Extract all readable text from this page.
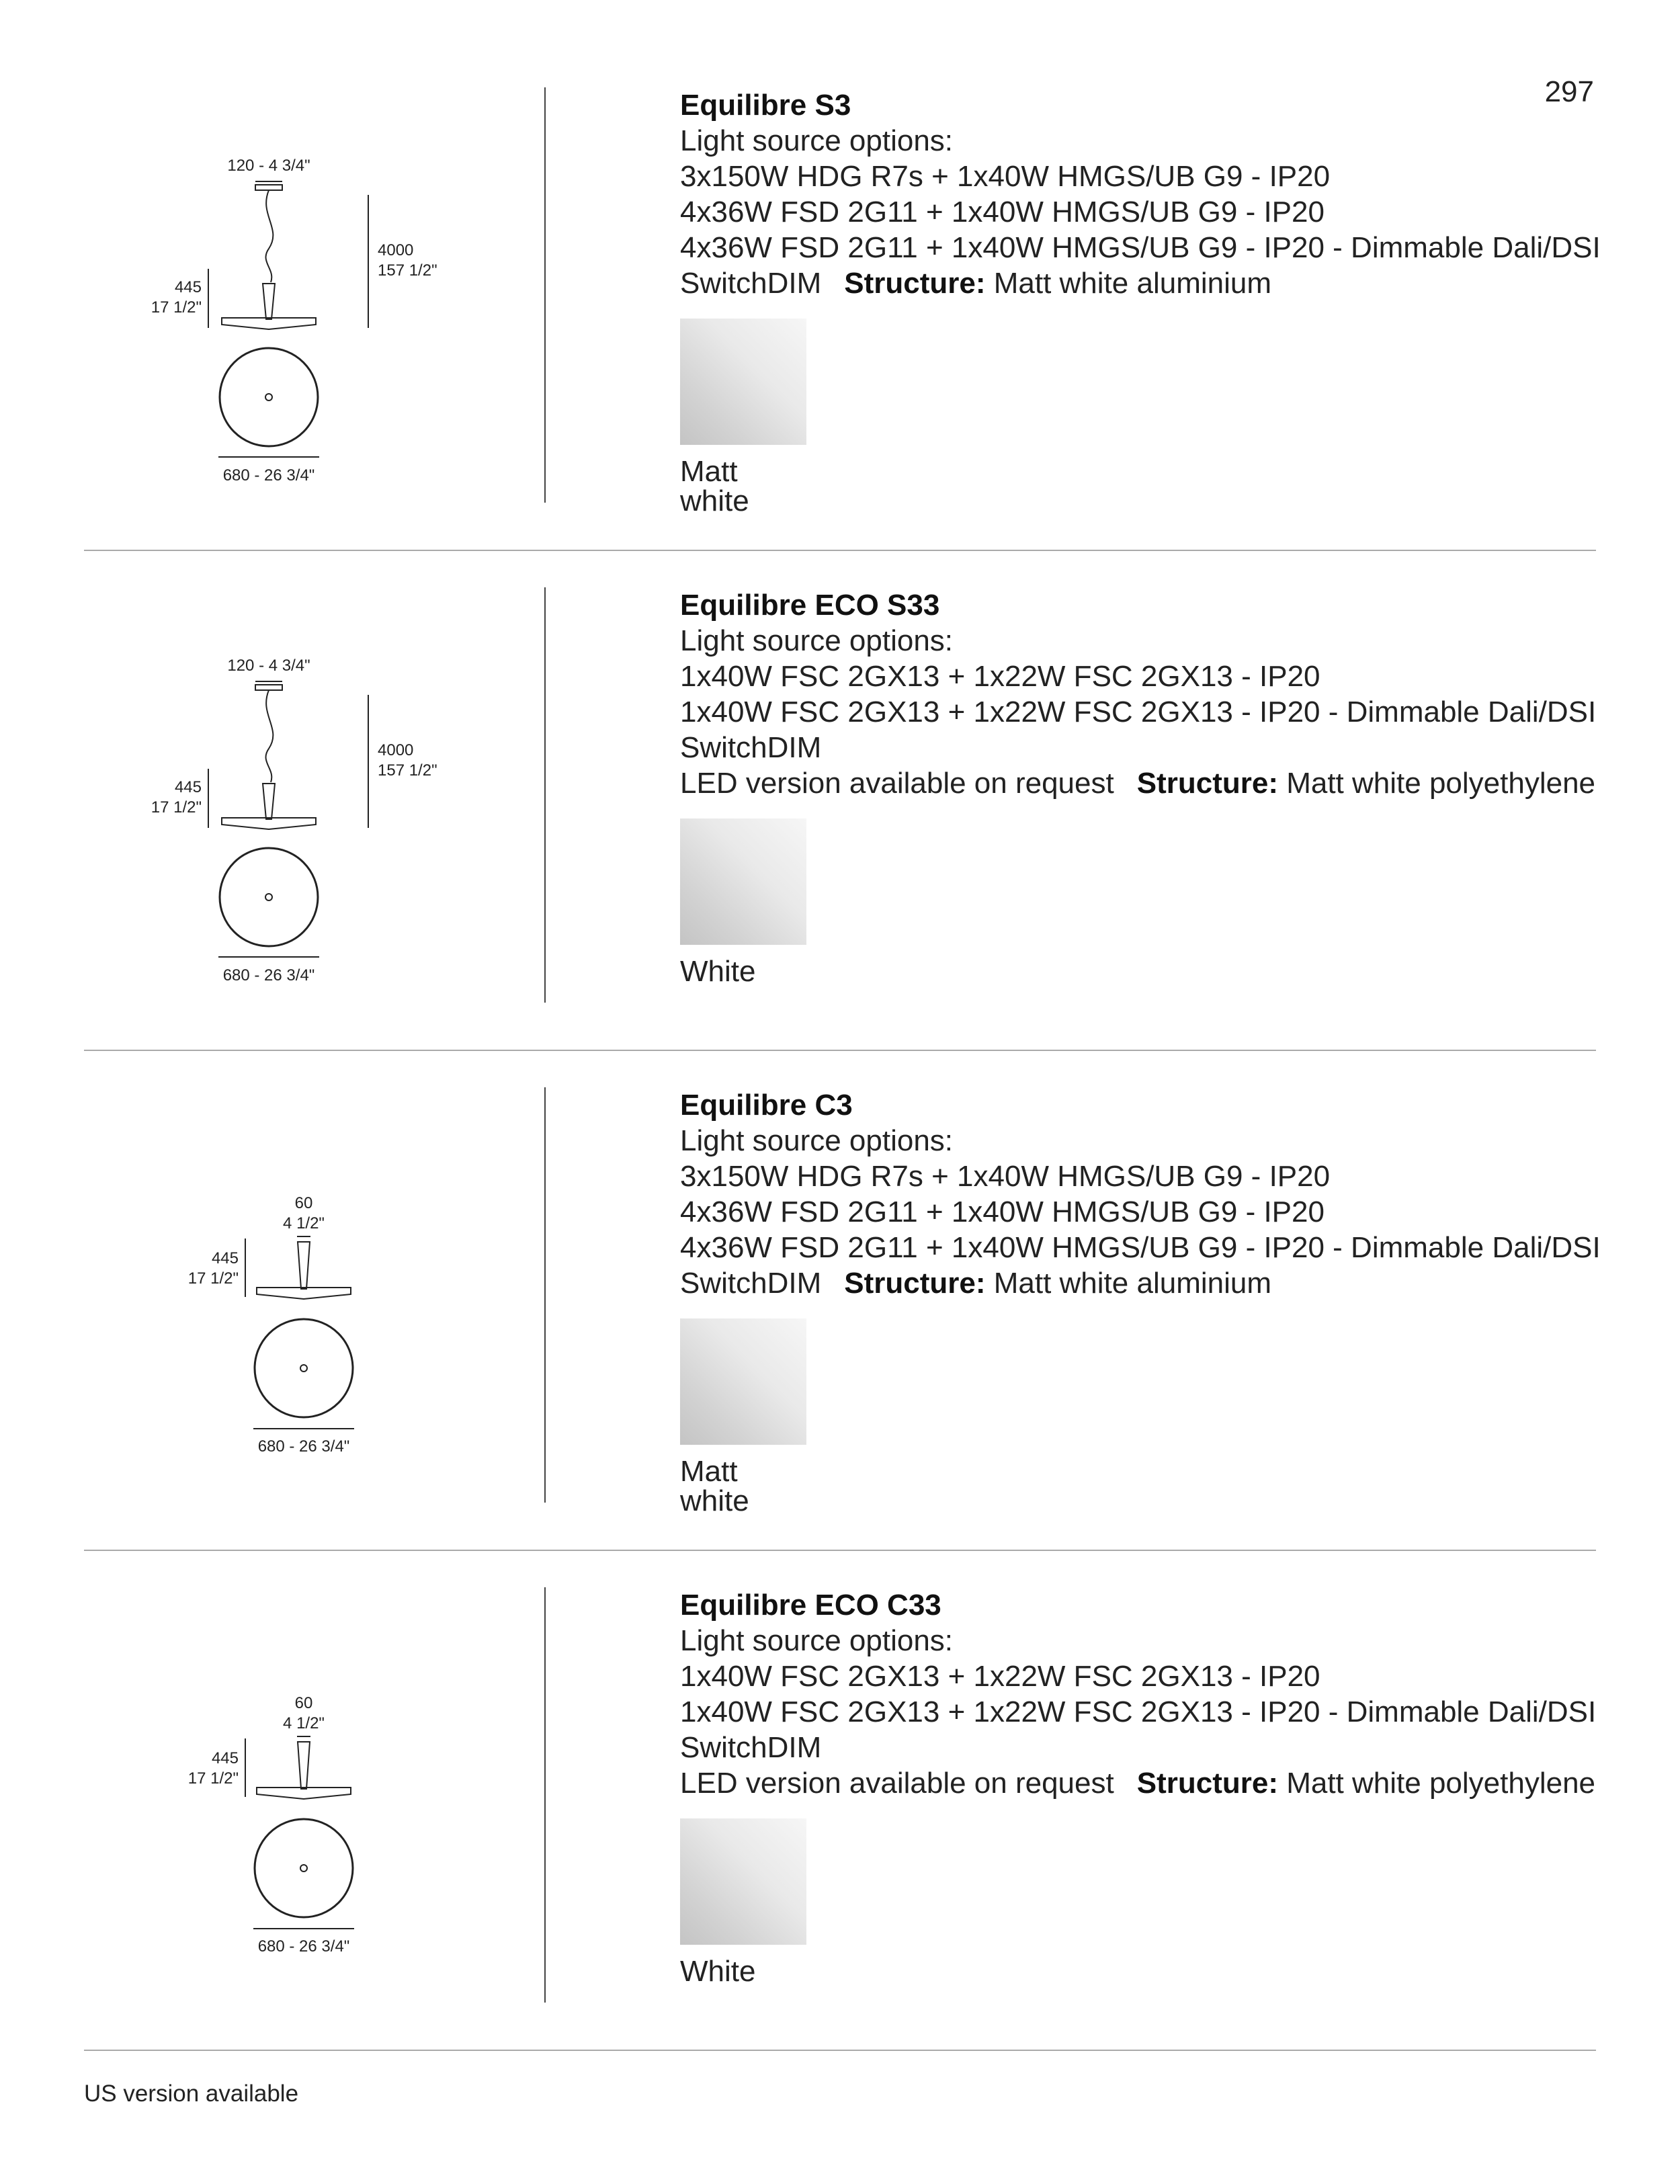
297
120 - 4 3/4"
4000
157 1/2"
445
17 1/2"
680 - 26 3/4"
Equilibre S3
Light source options:
3x150W HDG R7s + 1x40W HMGS/UB G9 - IP20
4x36W FSD 2G11 + 1x40W HMGS/UB G9 - IP20
4x36W FSD 2G11 + 1x40W HMGS/UB G9 - IP20 - Dimmable Dali/DSI
SwitchDIM Structure: Matt white aluminium
Matt white
120 - 4 3/4"
4000
157 1/2"
445
17 1/2"
680 - 26 3/4"
Equilibre ECO S33
Light source options:
1x40W FSC 2GX13 + 1x22W FSC 2GX13 - IP20
1x40W FSC 2GX13 + 1x22W FSC 2GX13 - IP20 - Dimmable Dali/DSI
SwitchDIM
LED version available on request Structure: Matt white polyethylene
White
60
4 1/2"
445
17 1/2"
680 - 26 3/4"
Equilibre C3
Light source options:
3x150W HDG R7s + 1x40W HMGS/UB G9 - IP20
4x36W FSD 2G11 + 1x40W HMGS/UB G9 - IP20
4x36W FSD 2G11 + 1x40W HMGS/UB G9 - IP20 - Dimmable Dali/DSI
SwitchDIM Structure: Matt white aluminium
Matt white
60
4 1/2"
445
17 1/2"
680 - 26 3/4"
Equilibre ECO C33
Light source options:
1x40W FSC 2GX13 + 1x22W FSC 2GX13 - IP20
1x40W FSC 2GX13 + 1x22W FSC 2GX13 - IP20 - Dimmable Dali/DSI
SwitchDIM
LED version available on request Structure: Matt white polyethylene
White
US version available
